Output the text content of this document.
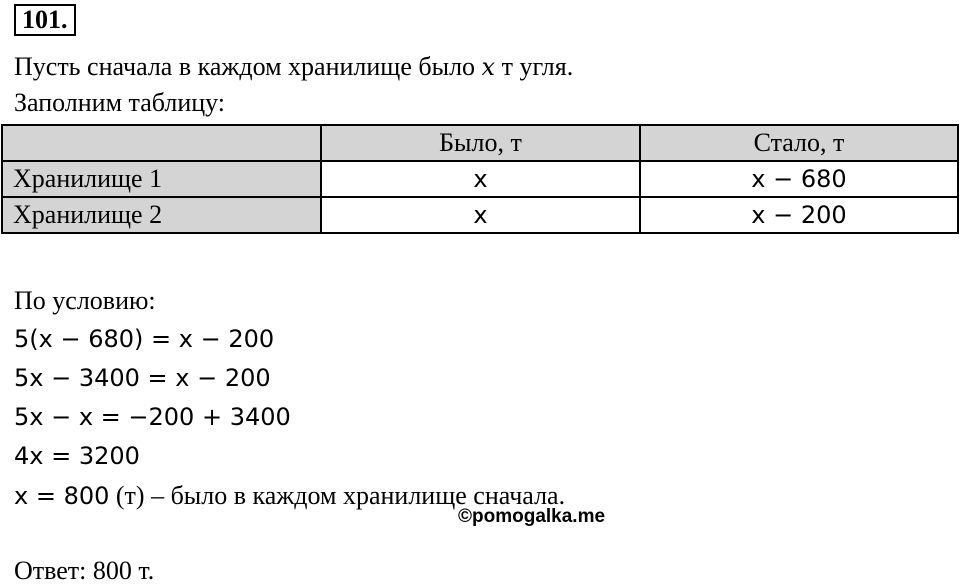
101.
Пусть сначала в каждом хранилище было x т угля.
Заполним таблицу:
	Было, т	Стало, т
Хранилище 1	x	x − 680
Хранилище 2	x	x − 200
По условию:
5(x − 680) = x − 200
5x − 3400 = x − 200
5x − x = −200 + 3400
4x = 3200
x = 800 (т) – было в каждом хранилище сначала.
©pomogalka.me
Ответ: 800 т.
